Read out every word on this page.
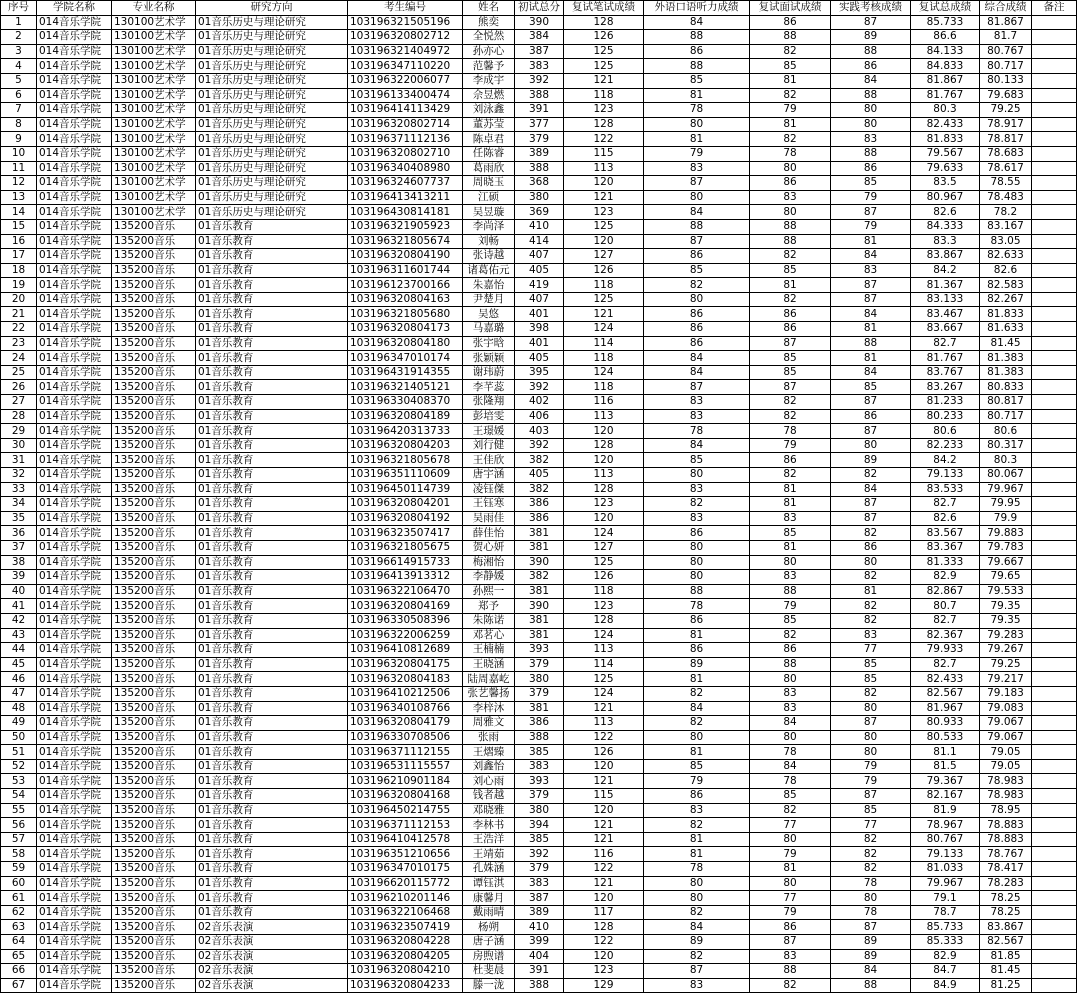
序号	学院名称	专业名称	研究方向	考生编号	姓名	初试总分	复试笔试成绩	外语口语听力成绩	复试面试成绩	实践考核成绩	复试总成绩	综合成绩	备注
1	014音乐学院	130100艺术学	01音乐历史与理论研究	103196321505196	熊奕	390	128	84	86	87	85.733	81.867	
2	014音乐学院	130100艺术学	01音乐历史与理论研究	103196320802712	全悦然	384	126	88	88	89	86.6	81.7	
3	014音乐学院	130100艺术学	01音乐历史与理论研究	103196321404972	孙亦心	387	125	86	82	88	84.133	80.767	
4	014音乐学院	130100艺术学	01音乐历史与理论研究	103196347110220	范馨予	383	125	88	85	86	84.833	80.717	
5	014音乐学院	130100艺术学	01音乐历史与理论研究	103196322006077	李成宇	392	121	85	81	84	81.867	80.133	
6	014音乐学院	130100艺术学	01音乐历史与理论研究	103196133400474	佘昱燃	388	118	81	82	88	81.767	79.683	
7	014音乐学院	130100艺术学	01音乐历史与理论研究	103196414113429	刘泳鑫	391	123	78	79	80	80.3	79.25	
8	014音乐学院	130100艺术学	01音乐历史与理论研究	103196320802714	董苏莹	377	128	80	81	80	82.433	78.917	
9	014音乐学院	130100艺术学	01音乐历史与理论研究	103196371112136	陈卓君	379	122	81	82	83	81.833	78.817	
10	014音乐学院	130100艺术学	01音乐历史与理论研究	103196320802710	任陈睿	389	115	79	78	88	79.567	78.683	
11	014音乐学院	130100艺术学	01音乐历史与理论研究	103196340408980	葛雨欣	388	113	83	80	86	79.633	78.617	
12	014音乐学院	130100艺术学	01音乐历史与理论研究	103196324607737	周晓玉	368	120	87	86	85	83.5	78.55	
13	014音乐学院	130100艺术学	01音乐历史与理论研究	103196413413211	江硕	380	121	80	83	79	80.967	78.483	
14	014音乐学院	130100艺术学	01音乐历史与理论研究	103196430814181	吴昱璇	369	123	84	80	87	82.6	78.2	
15	014音乐学院	135200音乐	01音乐教育	103196321905923	李尚泽	410	125	88	88	79	84.333	83.167	
16	014音乐学院	135200音乐	01音乐教育	103196321805674	刘畅	414	120	87	88	81	83.3	83.05	
17	014音乐学院	135200音乐	01音乐教育	103196320804190	张诗越	407	127	86	82	84	83.867	82.633	
18	014音乐学院	135200音乐	01音乐教育	103196311601744	诸葛佑元	405	126	85	85	83	84.2	82.6	
19	014音乐学院	135200音乐	01音乐教育	103196123700166	朱嘉怡	419	118	82	81	87	81.367	82.583	
20	014音乐学院	135200音乐	01音乐教育	103196320804163	尹楚月	407	125	80	82	87	83.133	82.267	
21	014音乐学院	135200音乐	01音乐教育	103196321805680	吴悠	401	121	86	86	84	83.467	81.833	
22	014音乐学院	135200音乐	01音乐教育	103196320804173	马嘉璐	398	124	86	86	81	83.667	81.633	
23	014音乐学院	135200音乐	01音乐教育	103196320804180	张宇晗	401	114	86	87	88	82.7	81.45	
24	014音乐学院	135200音乐	01音乐教育	103196347010174	张颖颖	405	118	84	85	81	81.767	81.383	
25	014音乐学院	135200音乐	01音乐教育	103196431914355	谢玮蔚	395	124	84	85	84	83.767	81.383	
26	014音乐学院	135200音乐	01音乐教育	103196321405121	李芊蕊	392	118	87	87	85	83.267	80.833	
27	014音乐学院	135200音乐	01音乐教育	103196330408370	张隆翔	402	116	83	82	87	81.233	80.817	
28	014音乐学院	135200音乐	01音乐教育	103196320804189	彭培雯	406	113	83	82	86	80.233	80.717	
29	014音乐学院	135200音乐	01音乐教育	103196420313733	王璟媛	403	120	78	78	87	80.6	80.6	
30	014音乐学院	135200音乐	01音乐教育	103196320804203	刘行健	392	128	84	79	80	82.233	80.317	
31	014音乐学院	135200音乐	01音乐教育	103196321805678	王佳欣	382	120	85	86	89	84.2	80.3	
32	014音乐学院	135200音乐	01音乐教育	103196351110609	唐宇涵	405	113	80	82	82	79.133	80.067	
33	014音乐学院	135200音乐	01音乐教育	103196450114739	凌钰傑	382	128	83	81	84	83.533	79.967	
34	014音乐学院	135200音乐	01音乐教育	103196320804201	王钰寒	386	123	82	81	87	82.7	79.95	
35	014音乐学院	135200音乐	01音乐教育	103196320804192	吴雨佳	386	120	83	83	87	82.6	79.9	
36	014音乐学院	135200音乐	01音乐教育	103196323507417	薛佳怡	381	124	86	85	82	83.567	79.883	
37	014音乐学院	135200音乐	01音乐教育	103196321805675	贺心妍	381	127	80	81	86	83.367	79.783	
38	014音乐学院	135200音乐	01音乐教育	103196614915733	梅湘怡	390	125	80	80	80	81.333	79.667	
39	014音乐学院	135200音乐	01音乐教育	103196413913312	李静媛	382	126	80	83	82	82.9	79.65	
40	014音乐学院	135200音乐	01音乐教育	103196322106470	孙熙一	381	118	88	88	81	82.867	79.533	
41	014音乐学院	135200音乐	01音乐教育	103196320804169	郑予	390	123	78	79	82	80.7	79.35	
42	014音乐学院	135200音乐	01音乐教育	103196330508396	朱陈诺	381	128	86	85	82	82.7	79.35	
43	014音乐学院	135200音乐	01音乐教育	103196322006259	邓茗心	381	124	81	82	83	82.367	79.283	
44	014音乐学院	135200音乐	01音乐教育	103196410812689	王楠楠	393	113	86	86	77	79.933	79.267	
45	014音乐学院	135200音乐	01音乐教育	103196320804175	王晓涵	379	114	89	88	85	82.7	79.25	
46	014音乐学院	135200音乐	01音乐教育	103196320804183	陆周嘉屹	380	125	81	80	85	82.433	79.217	
47	014音乐学院	135200音乐	01音乐教育	103196410212506	张艺馨扬	379	124	82	83	82	82.567	79.183	
48	014音乐学院	135200音乐	01音乐教育	103196340108766	李梓沐	381	121	84	83	80	81.967	79.083	
49	014音乐学院	135200音乐	01音乐教育	103196320804179	周雅文	386	113	82	84	87	80.933	79.067	
50	014音乐学院	135200音乐	01音乐教育	103196330708506	张雨	388	122	80	80	80	80.533	79.067	
51	014音乐学院	135200音乐	01音乐教育	103196371112155	王熠臻	385	126	81	78	80	81.1	79.05	
52	014音乐学院	135200音乐	01音乐教育	103196531115557	刘鑫怡	383	120	85	84	79	81.5	79.05	
53	014音乐学院	135200音乐	01音乐教育	103196210901184	刘心雨	393	121	79	78	79	79.367	78.983	
54	014音乐学院	135200音乐	01音乐教育	103196320804168	钱者越	379	115	86	85	87	82.167	78.983	
55	014音乐学院	135200音乐	01音乐教育	103196450214755	邓晓雅	380	120	83	82	85	81.9	78.95	
56	014音乐学院	135200音乐	01音乐教育	103196371112153	李林书	394	121	82	77	77	78.967	78.883	
57	014音乐学院	135200音乐	01音乐教育	103196410412578	王浩洋	385	121	81	80	82	80.767	78.883	
58	014音乐学院	135200音乐	01音乐教育	103196351210656	王靖茹	392	116	81	79	82	79.133	78.767	
59	014音乐学院	135200音乐	01音乐教育	103196347010175	孔姝涵	379	122	78	81	82	81.033	78.417	
60	014音乐学院	135200音乐	01音乐教育	103196620115772	谭钰淇	383	121	80	80	78	79.967	78.283	
61	014音乐学院	135200音乐	01音乐教育	103196210201146	康馨月	387	120	80	77	80	79.1	78.25	
62	014音乐学院	135200音乐	01音乐教育	103196322106468	戴雨晴	389	117	82	79	78	78.7	78.25	
63	014音乐学院	135200音乐	02音乐表演	103196323507419	杨朔	410	128	84	86	87	85.733	83.867	
64	014音乐学院	135200音乐	02音乐表演	103196320804228	唐子涵	399	122	89	87	89	85.333	82.567	
65	014音乐学院	135200音乐	02音乐表演	103196320804205	房煦谱	404	120	82	83	89	82.9	81.85	
66	014音乐学院	135200音乐	02音乐表演	103196320804210	杜斐晨	391	123	87	88	84	84.7	81.45	
67	014音乐学院	135200音乐	02音乐表演	103196320804233	滕一泷	388	129	83	82	88	84.9	81.25	
